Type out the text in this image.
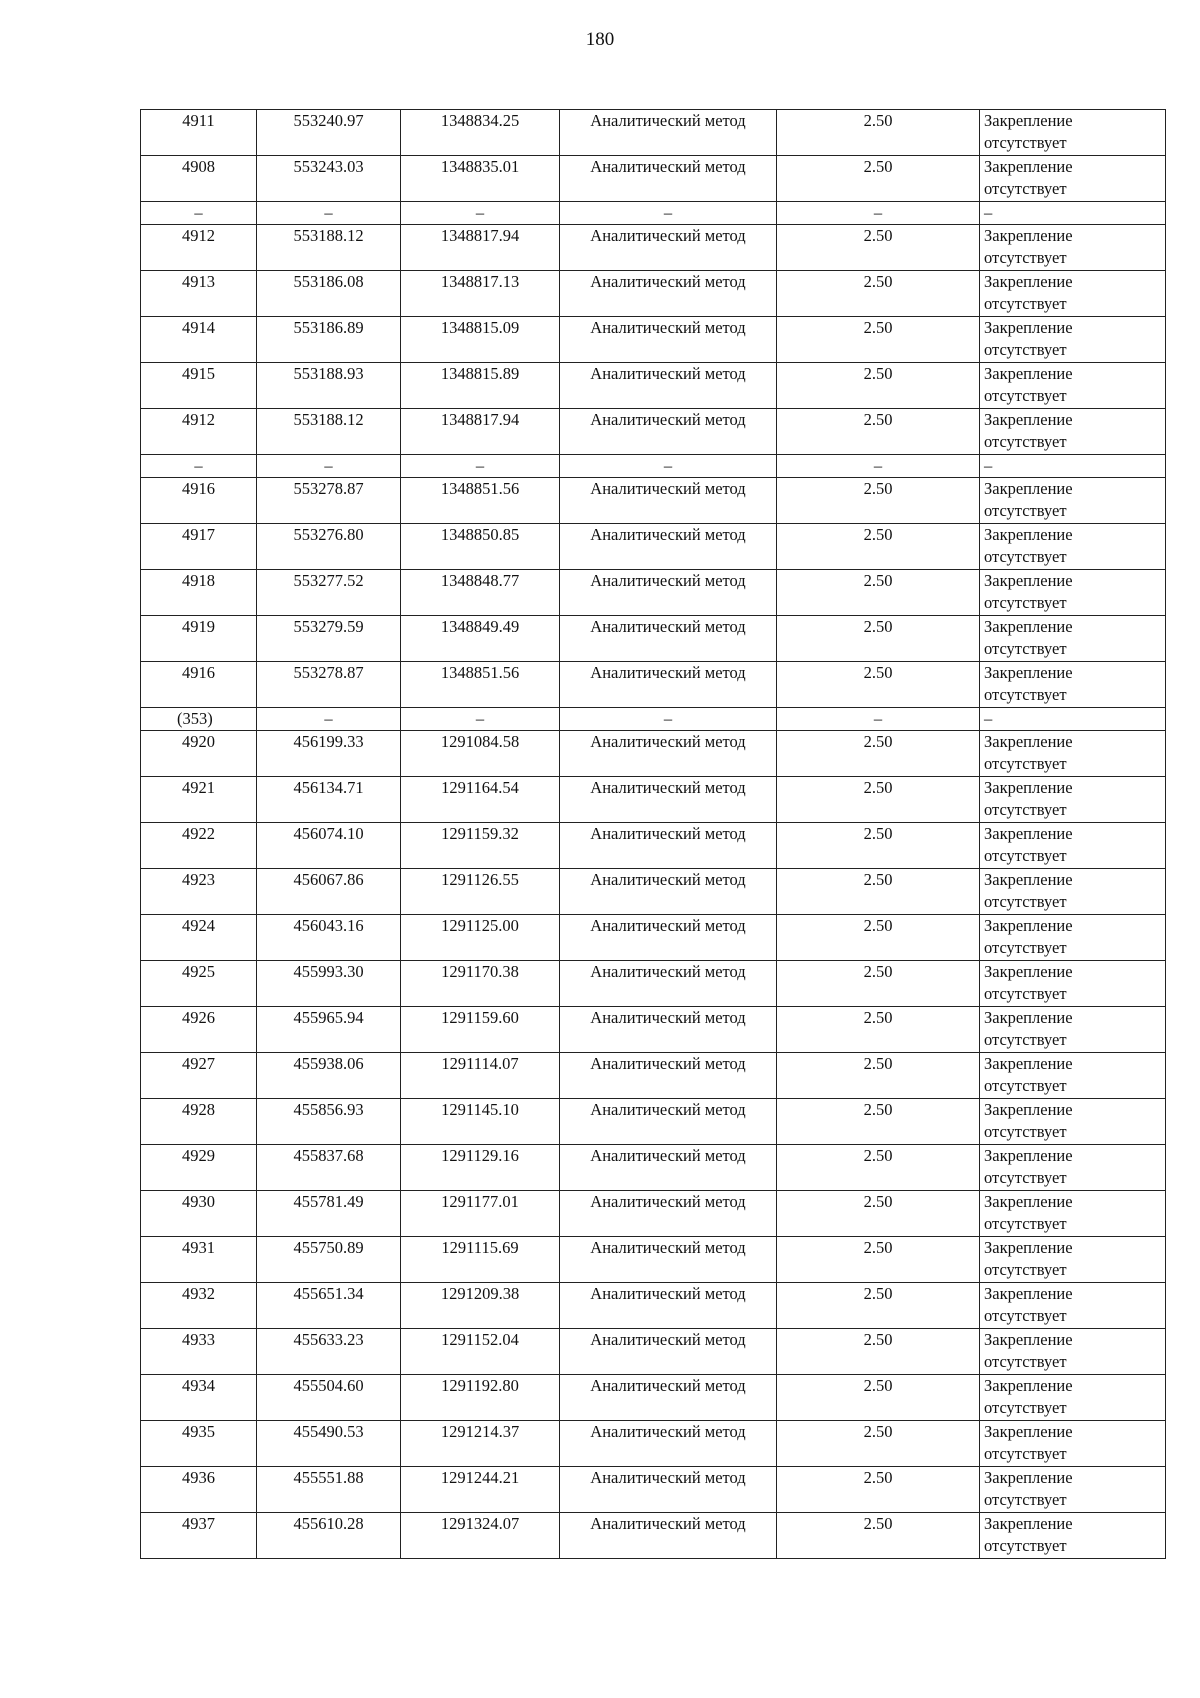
180
4911	553240.97	1348834.25	Аналитический метод	2.50	Закрепление
отсутствует

4908	553243.03	1348835.01	Аналитический метод	2.50	Закрепление
отсутствует

–	–	–	–	–	–

4912	553188.12	1348817.94	Аналитический метод	2.50	Закрепление
отсутствует

4913	553186.08	1348817.13	Аналитический метод	2.50	Закрепление
отсутствует

4914	553186.89	1348815.09	Аналитический метод	2.50	Закрепление
отсутствует

4915	553188.93	1348815.89	Аналитический метод	2.50	Закрепление
отсутствует

4912	553188.12	1348817.94	Аналитический метод	2.50	Закрепление
отсутствует

–	–	–	–	–	–

4916	553278.87	1348851.56	Аналитический метод	2.50	Закрепление
отсутствует

4917	553276.80	1348850.85	Аналитический метод	2.50	Закрепление
отсутствует

4918	553277.52	1348848.77	Аналитический метод	2.50	Закрепление
отсутствует

4919	553279.59	1348849.49	Аналитический метод	2.50	Закрепление
отсутствует

4916	553278.87	1348851.56	Аналитический метод	2.50	Закрепление
отсутствует

(353)	–	–	–	–	–

4920	456199.33	1291084.58	Аналитический метод	2.50	Закрепление
отсутствует

4921	456134.71	1291164.54	Аналитический метод	2.50	Закрепление
отсутствует

4922	456074.10	1291159.32	Аналитический метод	2.50	Закрепление
отсутствует

4923	456067.86	1291126.55	Аналитический метод	2.50	Закрепление
отсутствует

4924	456043.16	1291125.00	Аналитический метод	2.50	Закрепление
отсутствует

4925	455993.30	1291170.38	Аналитический метод	2.50	Закрепление
отсутствует

4926	455965.94	1291159.60	Аналитический метод	2.50	Закрепление
отсутствует

4927	455938.06	1291114.07	Аналитический метод	2.50	Закрепление
отсутствует

4928	455856.93	1291145.10	Аналитический метод	2.50	Закрепление
отсутствует

4929	455837.68	1291129.16	Аналитический метод	2.50	Закрепление
отсутствует

4930	455781.49	1291177.01	Аналитический метод	2.50	Закрепление
отсутствует

4931	455750.89	1291115.69	Аналитический метод	2.50	Закрепление
отсутствует

4932	455651.34	1291209.38	Аналитический метод	2.50	Закрепление
отсутствует

4933	455633.23	1291152.04	Аналитический метод	2.50	Закрепление
отсутствует

4934	455504.60	1291192.80	Аналитический метод	2.50	Закрепление
отсутствует

4935	455490.53	1291214.37	Аналитический метод	2.50	Закрепление
отсутствует

4936	455551.88	1291244.21	Аналитический метод	2.50	Закрепление
отсутствует

4937	455610.28	1291324.07	Аналитический метод	2.50	Закрепление
отсутствует
